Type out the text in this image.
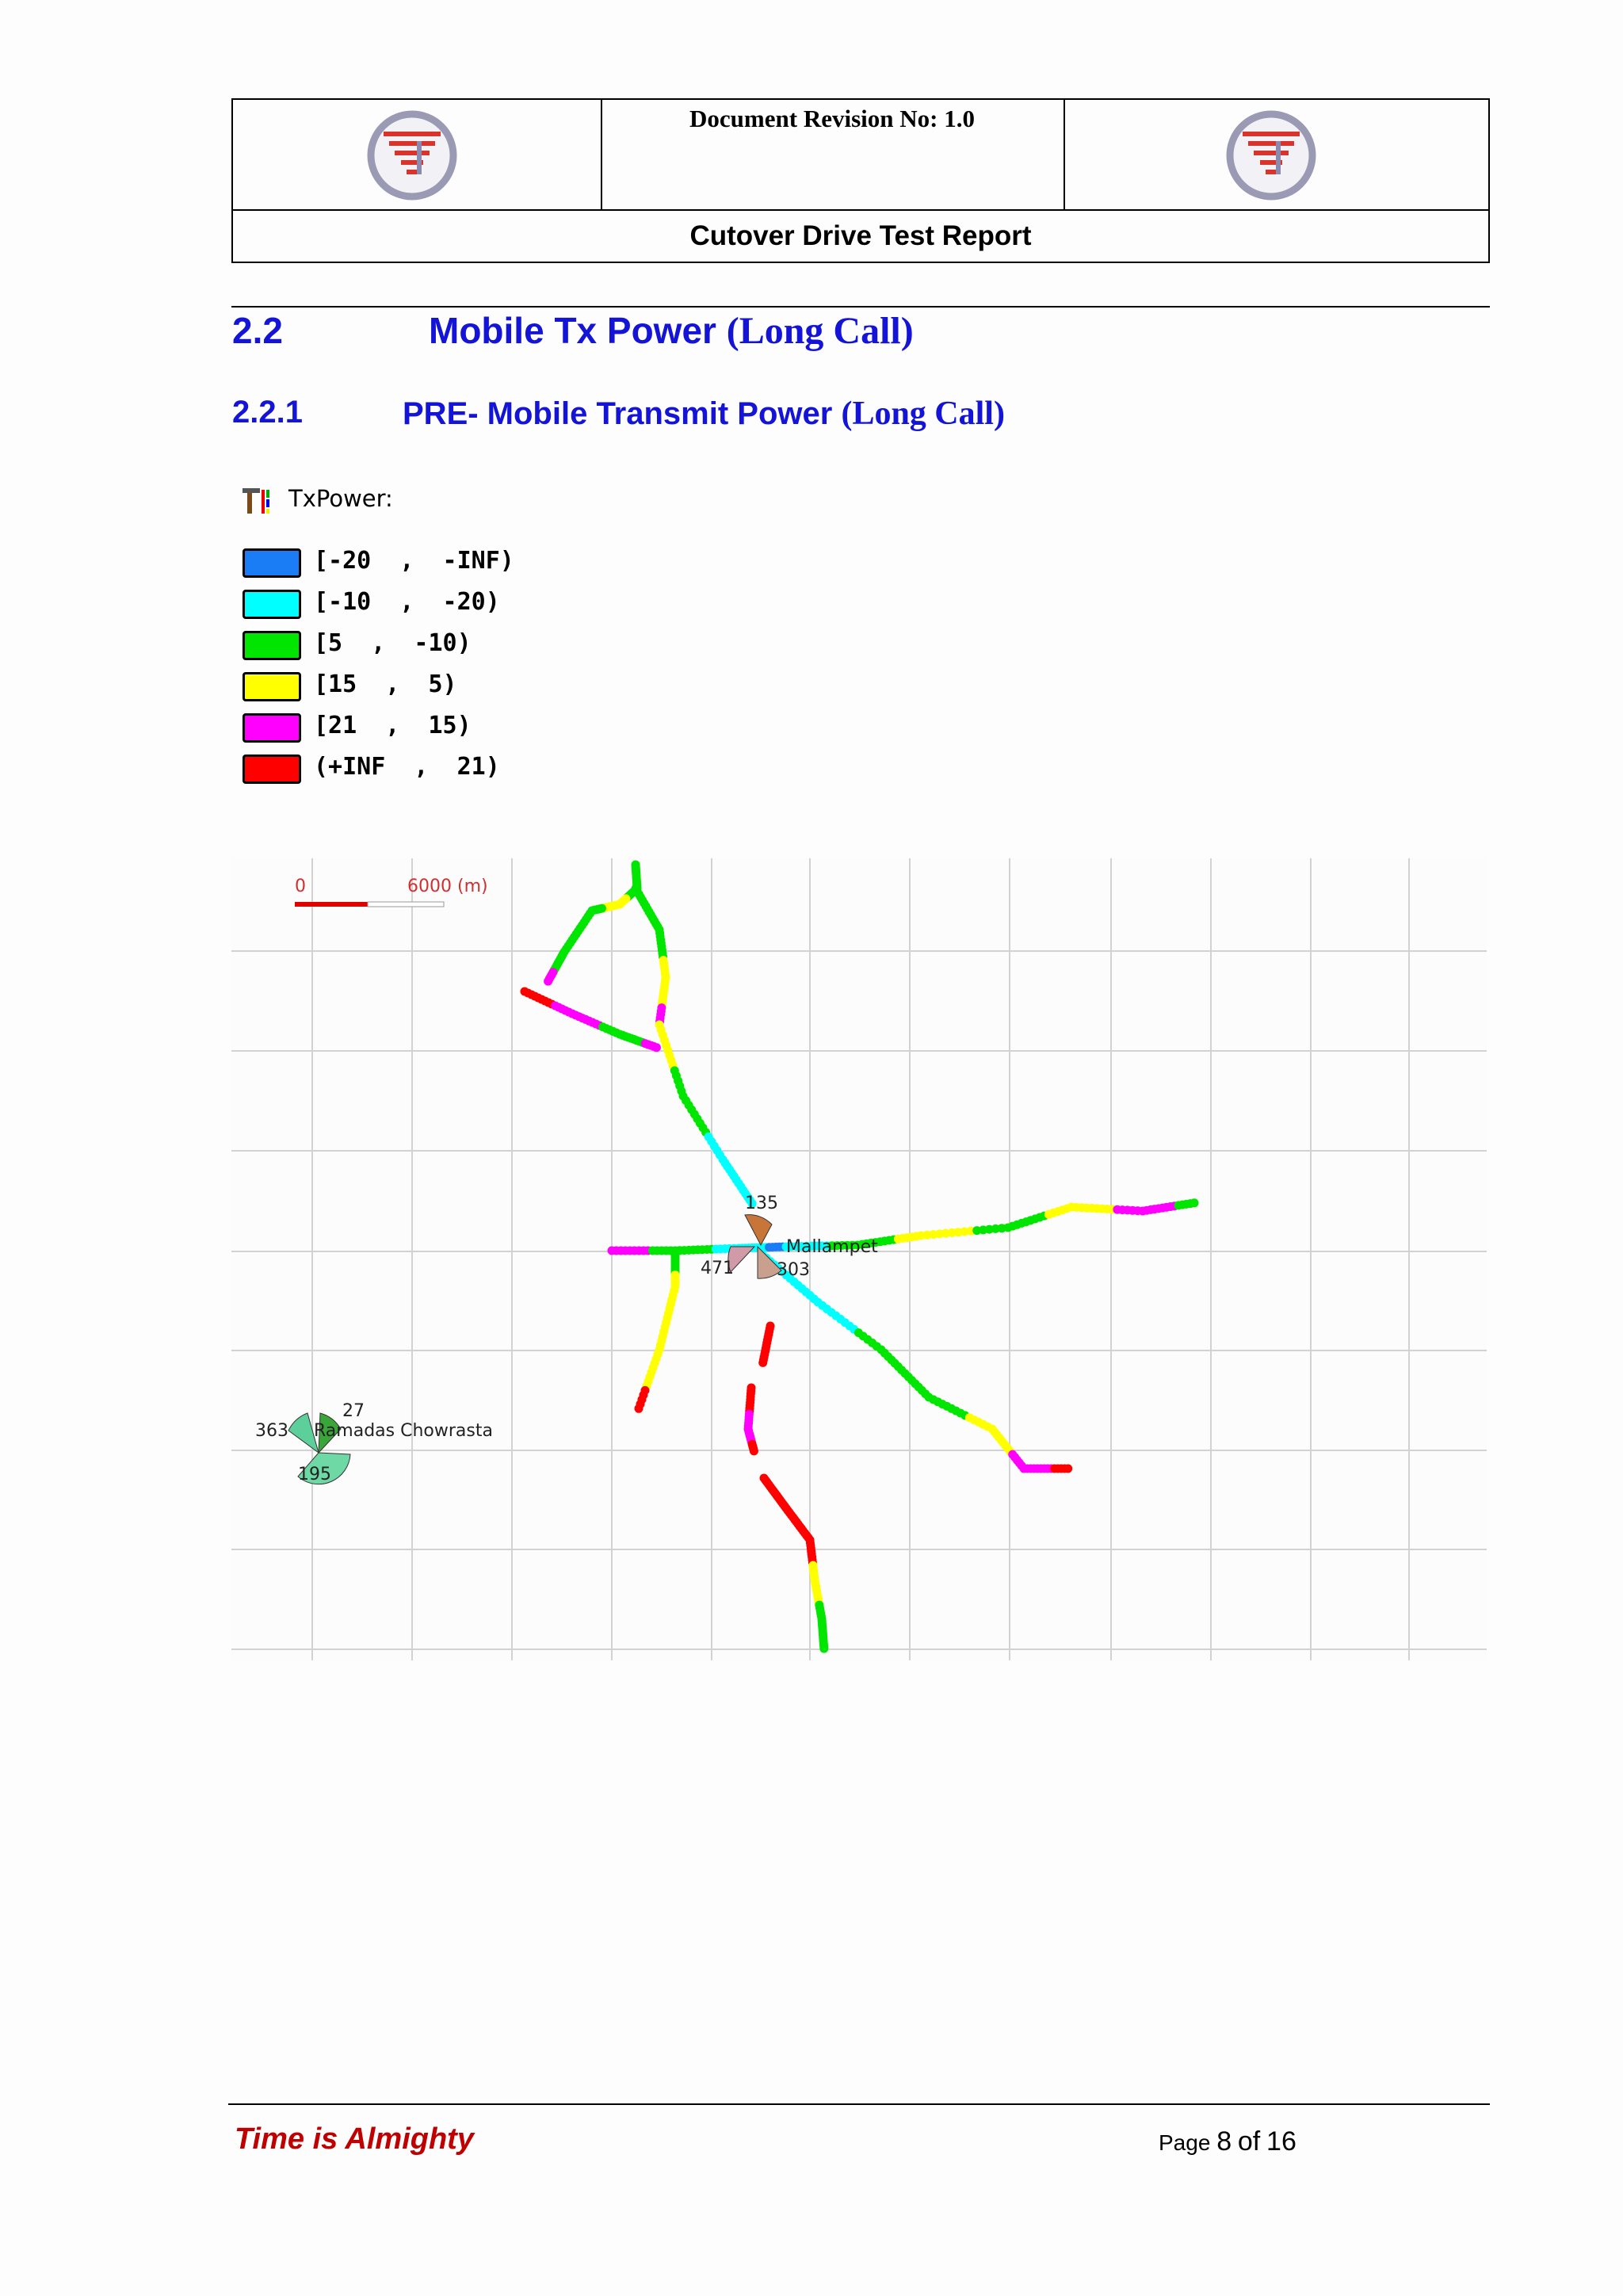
Document Revision No: 1.0
Cutover Drive Test Report
2.2	Mobile Tx Power (Long Call)
2.2.1	PRE- Mobile Transmit Power (Long Call)
TxPower:
[-20  ,  -INF)
[-10  ,  -20)
[5  ,  -10)
[15  ,  5)
[21  ,  15)
(+INF  ,  21)
0	6000 (m)
135
471 303
Mallampet
27
363 Ramadas Chowrasta
195
Time is Almighty	Page 8 of 16
